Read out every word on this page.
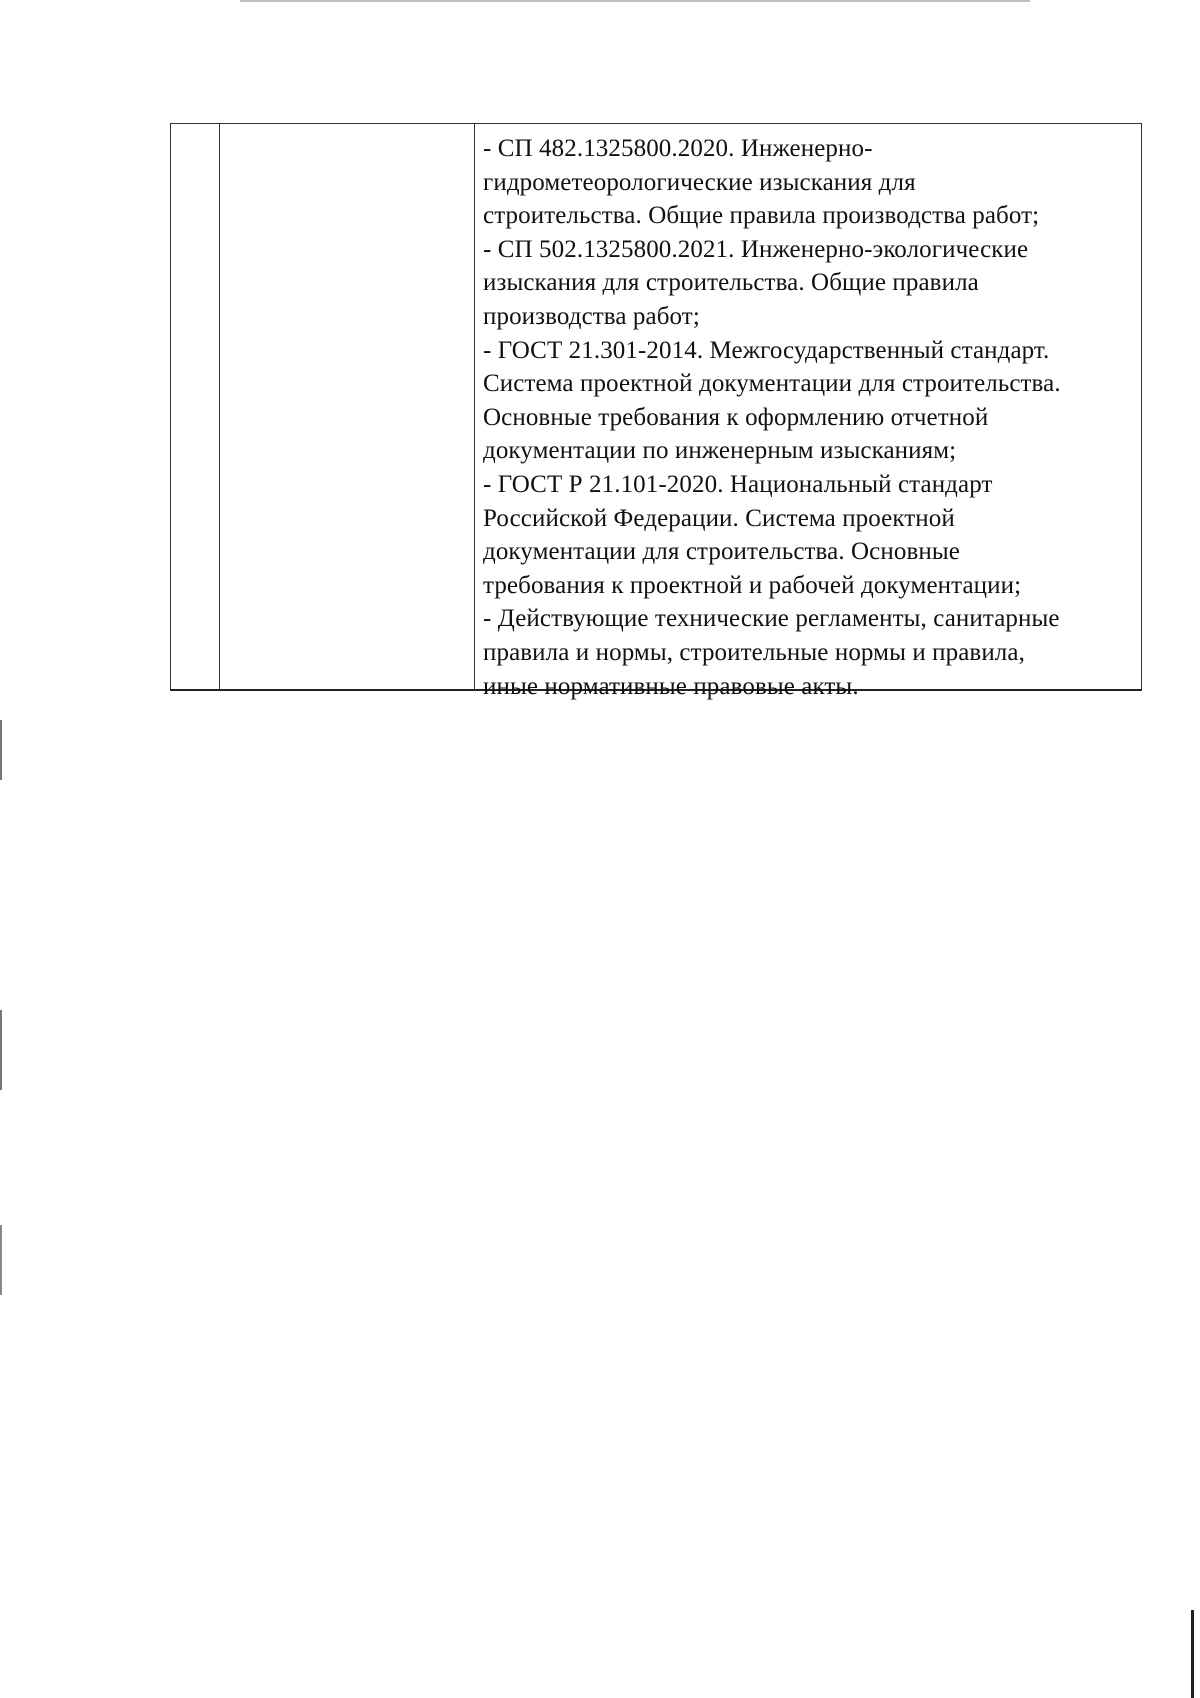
- СП 482.1325800.2020. Инженерно-
гидрометеорологические изыскания для
строительства. Общие правила производства работ;
- СП 502.1325800.2021. Инженерно-экологические
изыскания для строительства. Общие правила
производства работ;
- ГОСТ 21.301-2014. Межгосударственный стандарт.
Система проектной документации для строительства.
Основные требования к оформлению отчетной
документации по инженерным изысканиям;
- ГОСТ Р 21.101-2020. Национальный стандарт
Российской Федерации. Система проектной
документации для строительства. Основные
требования к проектной и рабочей документации;
- Действующие технические регламенты, санитарные
правила и нормы, строительные нормы и правила,
иные нормативные правовые акты.
